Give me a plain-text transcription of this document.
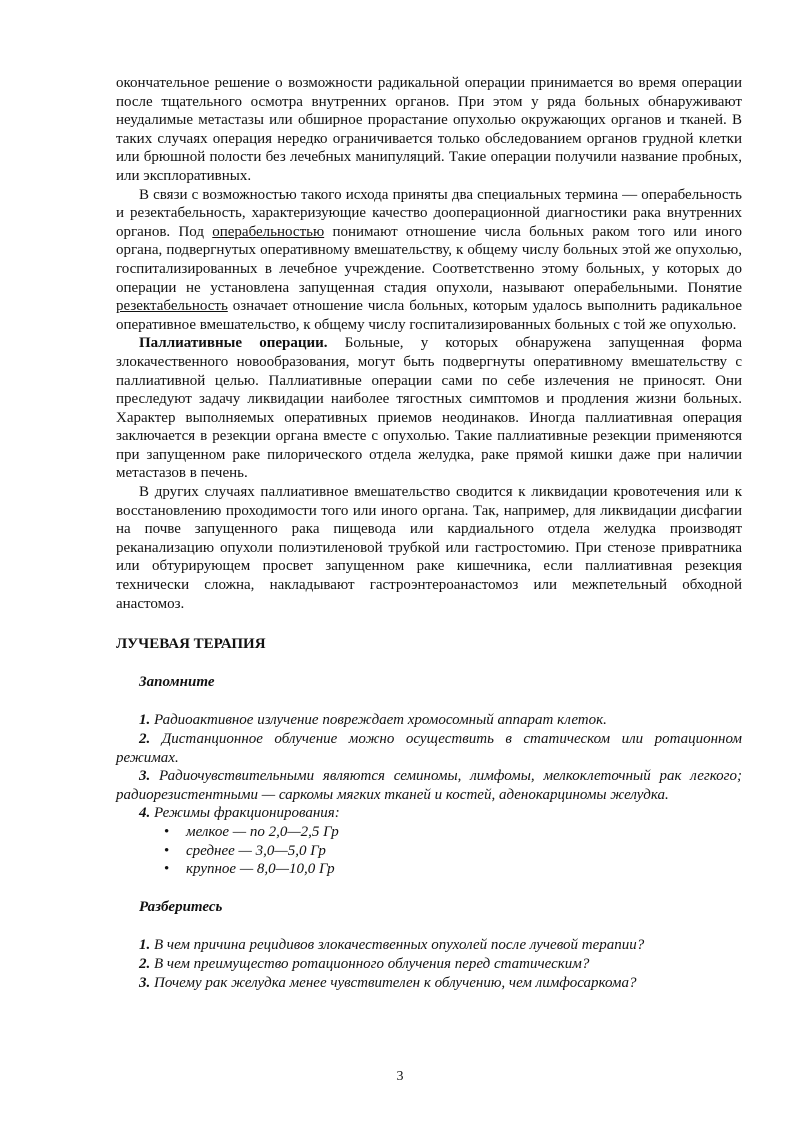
окончательное решение о возможности радикальной операции принимается во время операции после тщательного осмотра внутренних органов. При этом у ряда больных обнаруживают неудалимые метастазы или обширное прорастание опухолью окружающих органов и тканей. В таких случаях операция нередко ограничивается только обследованием органов грудной клетки или брюшной полости без лечебных манипуляций. Такие операции получили название пробных, или эксплоративных.

В связи с возможностью такого исхода приняты два специальных термина — операбельность и резектабельность, характеризующие качество дооперационной диагностики рака внутренних органов. Под операбельностью понимают отношение числа больных раком того или иного органа, подвергнутых оперативному вмешательству, к общему числу больных этой же опухолью, госпитализированных в лечебное учреждение. Соответственно этому больных, у которых до операции не установлена запущенная стадия опухоли, называют операбельными. Понятие резектабельность означает отношение числа больных, которым удалось выполнить радикальное оперативное вмешательство, к общему числу госпитализированных больных с той же опухолью.

Паллиативные операции. Больные, у которых обнаружена запущенная форма злокачественного новообразования, могут быть подвергнуты оперативному вмешательству с паллиативной целью. Паллиативные операции сами по себе излечения не приносят. Они преследуют задачу ликвидации наиболее тягостных симптомов и продления жизни больных. Характер выполняемых оперативных приемов неодинаков. Иногда паллиативная операция заключается в резекции органа вместе с опухолью. Такие паллиативные резекции применяются при запущенном раке пилорического отдела желудка, раке прямой кишки даже при наличии метастазов в печень.

В других случаях паллиативное вмешательство сводится к ликвидации кровотечения или к восстановлению проходимости того или иного органа. Так, например, для ликвидации дисфагии на почве запущенного рака пищевода или кардиального отдела желудка производят реканализацию опухоли полиэтиленовой трубкой или гастростомию. При стенозе привратника или обтурирующем просвет запущенном раке кишечника, если паллиативная резекция технически сложна, накладывают гастроэнтероанастомоз или межпетельный обходной анастомоз.

ЛУЧЕВАЯ ТЕРАПИЯ

Запомните

1. Радиоактивное излучение повреждает хромосомный аппарат клеток.

2. Дистанционное облучение можно осуществить в статическом или ротационном режимах.

3. Радиочувствительными являются семиномы, лимфомы, мелкоклеточный рак легкого; радиорезистентными — саркомы мягких тканей и костей, аденокарциномы желудка.

4. Режимы фракционирования:

• мелкое — по 2,0—2,5 Гр
• среднее — 3,0—5,0 Гр
• крупное — 8,0—10,0 Гр

Разберитесь

1. В чем причина рецидивов злокачественных опухолей после лучевой терапии?

2. В чем преимущество ротационного облучения перед статическим?

3. Почему рак желудка менее чувствителен к облучению, чем лимфосаркома?

3
